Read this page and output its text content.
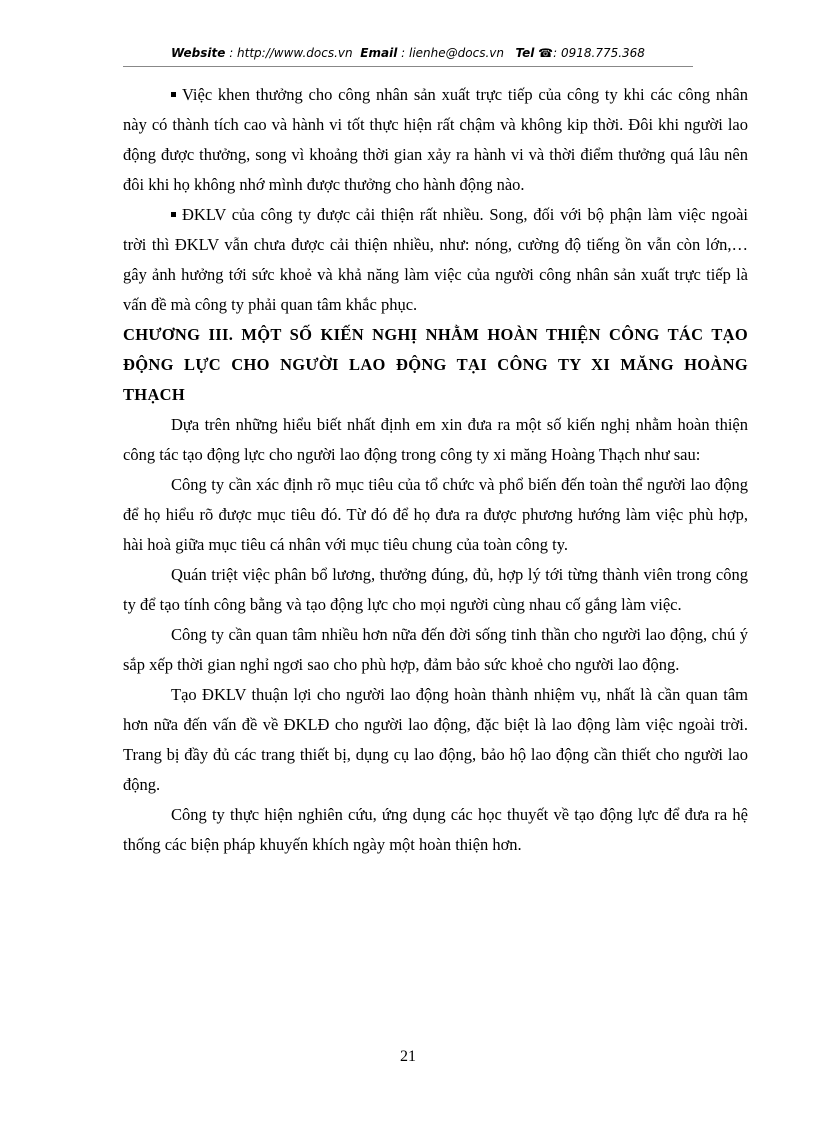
Website : http://www.docs.vn Email : lienhe@docs.vn Tel ☎: 0918.775.368

Việc khen thưởng cho công nhân sản xuất trực tiếp của công ty khi các công nhân này có thành tích cao và hành vi tốt thực hiện rất chậm và không kip thời. Đôi khi người lao động được thưởng, song vì khoảng thời gian xảy ra hành vi và thời điểm thưởng quá lâu nên đôi khi họ không nhớ mình được thưởng cho hành động nào.

ĐKLV của công ty được cải thiện rất nhiều. Song, đối với bộ phận làm việc ngoài trời thì ĐKLV vẫn chưa được cải thiện nhiều, như: nóng, cường độ tiếng ồn vẫn còn lớn,… gây ảnh hưởng tới sức khoẻ và khả năng làm việc của người công nhân sản xuất trực tiếp là vấn đề mà công ty phải quan tâm khắc phục.

CHƯƠNG III. MỘT SỐ KIẾN NGHỊ NHẰM HOÀN THIỆN CÔNG TÁC TẠO ĐỘNG LỰC CHO NGƯỜI LAO ĐỘNG TẠI CÔNG TY XI MĂNG HOÀNG THẠCH

Dựa trên những hiểu biết nhất định em xin đưa ra một số kiến nghị nhằm hoàn thiện công tác tạo động lực cho người lao động trong công ty xi măng Hoàng Thạch như sau:

Công ty cần xác định rõ mục tiêu của tổ chức và phổ biến đến toàn thể người lao động để họ hiểu rõ được mục tiêu đó. Từ đó để họ đưa ra được phương hướng làm việc phù hợp, hài hoà giữa mục tiêu cá nhân với mục tiêu chung của toàn công ty.

Quán triệt việc phân bổ lương, thưởng đúng, đủ, hợp lý tới từng thành viên trong công ty để tạo tính công bằng và tạo động lực cho mọi người cùng nhau cố gắng làm việc.

Công ty cần quan tâm nhiều hơn nữa đến đời sống tinh thần cho người lao động, chú ý sắp xếp thời gian nghỉ ngơi sao cho phù hợp, đảm bảo sức khoẻ cho người lao động.

Tạo ĐKLV thuận lợi cho người lao động hoàn thành nhiệm vụ, nhất là cần quan tâm hơn nữa đến vấn đề về ĐKLĐ cho người lao động, đặc biệt là lao động làm việc ngoài trời. Trang bị đầy đủ các trang thiết bị, dụng cụ lao động, bảo hộ lao động cần thiết cho người lao động.

Công ty thực hiện nghiên cứu, ứng dụng các học thuyết về tạo động lực để đưa ra hệ thống các biện pháp khuyến khích ngày một hoàn thiện hơn.

21
